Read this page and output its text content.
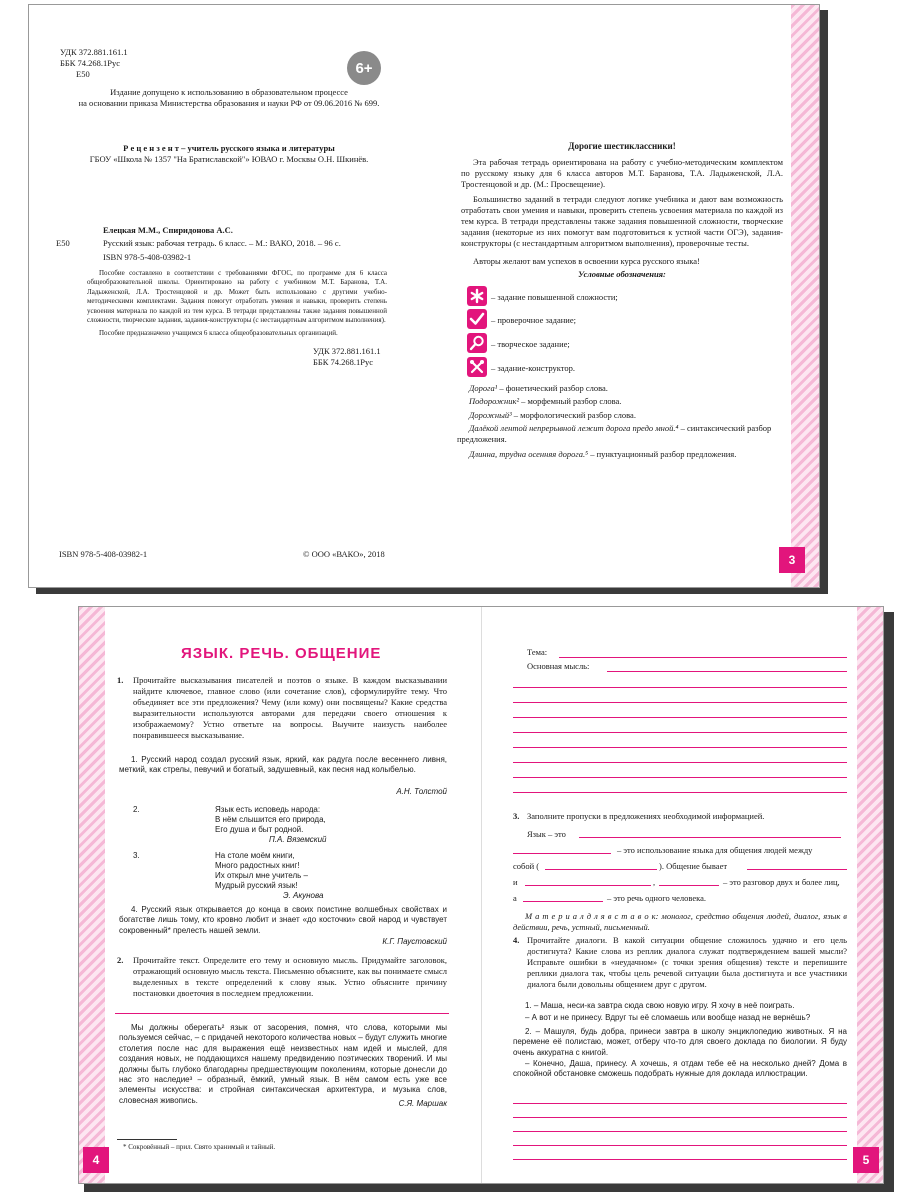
3
УДК 372.881.161.1
ББК 74.268.1Рус
Е50	6+
Издание допущено к использованию в образовательном процессе
на основании приказа Министерства образования и науки РФ от 09.06.2016 № 699.
Р е ц е н з е н т – учитель русского языка и литературы
ГБОУ «Школа № 1357 "На Братиславской"» ЮВАО г. Москвы О.Н. Шкинёв.
Е50
Елецкая М.М., Спиридонова А.С.
Русский язык: рабочая тетрадь. 6 класс. – М.: ВАКО, 2018. – 96 с.
ISBN 978-5-408-03982-1
Пособие составлено в соответствии с требованиями ФГОС, по программе для 6 класса общеобразовательной школы. Ориентировано на работу с учебником М.Т. Баранова, Т.А. Ладыженской, Л.А. Тростенцовой и др. Может быть использовано с другими учебно-методическими комплектами. Задания помогут отработать умения и навыки, проверить степень усвоения материала по каждой из тем курса. В тетради представлены также задания повышенной сложности, творческие задания, задания-конструкторы (с нестандартным алгоритмом выполнения).
Пособие предназначено учащимся 6 класса общеобразовательных организаций.
УДК 372.881.161.1
ББК 74.268.1Рус
ISBN 978-5-408-03982-1	© ООО «ВАКО», 2018
Дорогие шестиклассники!
Эта рабочая тетрадь ориентирована на работу с учебно-методическим комплектом по русскому языку для 6 класса авторов М.Т. Баранова, Т.А. Ладыженской, Л.А. Тростенцовой и др. (М.: Просвещение).
Большинство заданий в тетради следуют логике учебника и дают вам возможность отработать свои умения и навыки, проверить степень усвоения материала по каждой из тем курса. В тетради представлены также задания повышенной сложности, творческие задания (некоторые из них помогут вам подготовиться к устной части ОГЭ), задания-конструкторы (с нестандартным алгоритмом выполнения), проверочные тесты.
Авторы желают вам успехов в освоении курса русского языка!
Условные обозначения:
– задание повышенной сложности;
– проверочное задание;
– творческое задание;
– задание-конструктор.
Дорога¹ – фонетический разбор слова.
Подорожник² – морфемный разбор слова.
Дорожный³ – морфологический разбор слова.
Далёкой лентой непрерывной лежит дорога предо мной.⁴ – синтаксический разбор предложения.
Длинна, трудна осенняя дорога.⁵ – пунктуационный разбор предложения.
4	5
ЯЗЫК. РЕЧЬ. ОБЩЕНИЕ
1. Прочитайте высказывания писателей и поэтов о языке. В каждом высказывании найдите ключевое, главное слово (или сочетание слов), сформулируйте тему. Что объединяет все эти предложения? Чему (или кому) они посвящены? Какие средства выразительности используются авторами для передачи своего отношения к изображаемому? Устно ответьте на вопросы. Выучите наизусть наиболее понравившееся высказывание.
1. Русский народ создал русский язык, яркий, как радуга после весеннего ливня, меткий, как стрелы, певучий и богатый, задушевный, как песня над колыбелью.
А.Н. Толстой
2.	Язык есть исповедь народа:
В нём слышится его природа,
Его душа и быт родной.
П.А. Вяземский
3.	На столе моём книги,
Много радостных книг!
Их открыл мне учитель –
Мудрый русский язык!
Э. Акунова
4. Русский язык открывается до конца в своих поистине волшебных свойствах и богатстве лишь тому, кто кровно любит и знает «до косточки» свой народ и чувствует сокровенный* прелесть нашей земли.
К.Г. Паустовский
2. Прочитайте текст. Определите его тему и основную мысль. Придумайте заголовок, отражающий основную мысль текста. Письменно объясните, как вы понимаете смысл выделенных в тексте определений к слову язык. Устно объясните причину постановки двоеточия в последнем предложении.
Мы должны оберегать² язык от засорения, помня, что слова, которыми мы пользуемся сейчас, – с придачей некоторого количества новых – будут служить многие столетия после нас для выражения ещё неизвестных нам идей и мыслей, для создания новых, не поддающихся нашему предвидению поэтических творений. И мы должны быть глубоко благодарны предшествующим поколениям, которые донесли до нас это наследие³ – образный, ёмкий, умный язык. В нём самом есть уже все элементы искусства: и стройная синтаксическая архитектура, и музыка слов, словесная живопись.	С.Я. Маршак
* Сокровённый – прил. Свято хранимый и тайный.
Тема:
Основная мысль:
3. Заполните пропуски в предложениях необходимой информацией.
Язык – это
– это использование языка для общения людей между
собой (	). Общение бывает
и	,	– это разговор двух и более лиц,
а	– это речь одного человека.
М а т е р и а л д л я в с т а в о к: монолог, средство общения людей, диалог, язык в действии, речь, устный, письменный.
4. Прочитайте диалоги. В какой ситуации общение сложилось удачно и его цель достигнута? Какие слова из реплик диалога служат подтверждением вашей мысли? Исправьте ошибки в «неудачном» (с точки зрения общения) тексте и перепишите реплики диалога так, чтобы цель речевой ситуации была достигнута и все участники диалога были довольны общением друг с другом.
1. – Маша, неси-ка завтра сюда свою новую игру. Я хочу в неё поиграть.
– А вот и не принесу. Вдруг ты её сломаешь или вообще назад не вернёшь?
2. – Машуля, будь добра, принеси завтра в школу энциклопедию животных. Я на перемене её полистаю, может, отберу что-то для своего доклада по биологии. Я буду очень аккуратна с книгой.
– Конечно, Даша, принесу. А хочешь, я отдам тебе её на несколько дней? Дома в спокойной обстановке сможешь подобрать нужные для доклада иллюстрации.
